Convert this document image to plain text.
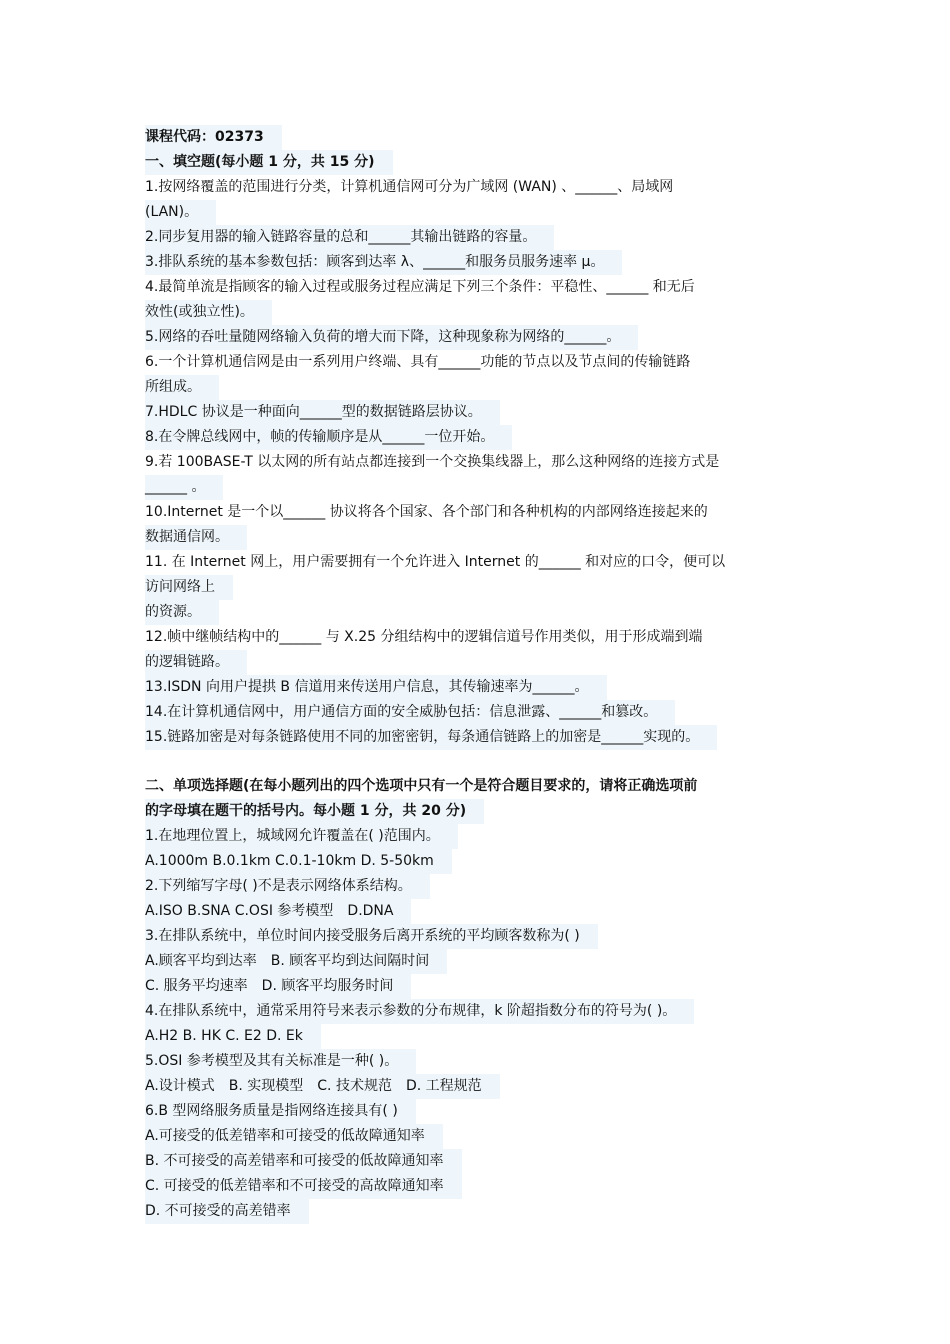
课程代码：02373
一、填空题(每小题 1 分，共 15 分)
1.按网络覆盖的范围进行分类，计算机通信网可分为广域网 (WAN) 、______、局域网
(LAN)。
2.同步复用器的输入链路容量的总和______其输出链路的容量。
3.排队系统的基本参数包括：顾客到达率 λ、______和服务员服务速率 μ。
4.最简单流是指顾客的输入过程或服务过程应满足下列三个条件：平稳性、______ 和无后
效性(或独立性)。
5.网络的吞吐量随网络输入负荷的增大而下降，这种现象称为网络的______。
6.一个计算机通信网是由一系列用户终端、具有______功能的节点以及节点间的传输链路
所组成。
7.HDLC 协议是一种面向______型的数据链路层协议。
8.在令牌总线网中，帧的传输顺序是从______一位开始。
9.若 100BASE-T 以太网的所有站点都连接到一个交换集线器上，那么这种网络的连接方式是
______ 。
10.Internet 是一个以______ 协议将各个国家、各个部门和各种机构的内部网络连接起来的
数据通信网。
11. 在 Internet 网上，用户需要拥有一个允许进入 Internet 的______ 和对应的口令，便可以
访问网络上
的资源。
12.帧中继帧结构中的______ 与 X.25 分组结构中的逻辑信道号作用类似，用于形成端到端
的逻辑链路。
13.ISDN 向用户提拱 B 信道用来传送用户信息，其传输速率为______。
14.在计算机通信网中，用户通信方面的安全威胁包括：信息泄露、______和篡改。
15.链路加密是对每条链路使用不同的加密密钥，每条通信链路上的加密是______实现的。
二、单项选择题(在每小题列出的四个选项中只有一个是符合题目要求的，请将正确选项前
的字母填在题干的括号内。每小题 1 分，共 20 分)
1.在地理位置上，城域网允许覆盖在( )范围内。
A.1000m B.0.1km C.0.1-10km D. 5-50km
2.下列缩写字母( )不是表示网络体系结构。
A.ISO B.SNA C.OSI 参考模型　D.DNA
3.在排队系统中，单位时间内接受服务后离开系统的平均顾客数称为( )
A.顾客平均到达率　B. 顾客平均到达间隔时间
C. 服务平均速率　D. 顾客平均服务时间
4.在排队系统中，通常采用符号来表示参数的分布规律，k 阶超指数分布的符号为( )。
A.H2 B. HK C. E2 D. Ek
5.OSI 参考模型及其有关标准是一种( )。
A.设计模式　B. 实现模型　C. 技术规范　D. 工程规范
6.B 型网络服务质量是指网络连接具有( )
A.可接受的低差错率和可接受的低故障通知率
B. 不可接受的高差错率和可接受的低故障通知率
C. 可接受的低差错率和不可接受的高故障通知率
D. 不可接受的高差错率
